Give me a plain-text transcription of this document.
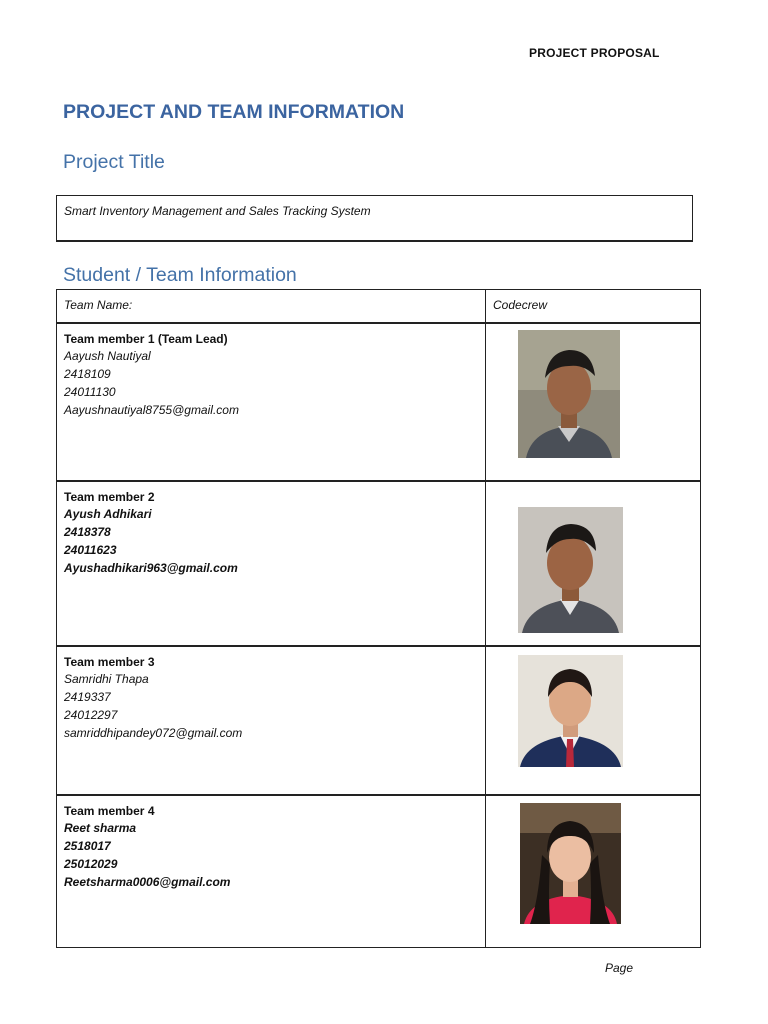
PROJECT PROPOSAL
PROJECT AND TEAM INFORMATION
Project Title
Smart Inventory Management and Sales Tracking System
Student / Team Information
Team Name:	Codecrew

Team member 1 (Team Lead)
Aayush Nautiyal
2418109
24011130
Aayushnautiyal8755@gmail.com

Team member 2
Ayush Adhikari
2418378
24011623
Ayushadhikari963@gmail.com

Team member 3
Samridhi Thapa
2419337
24012297
samriddhipandey072@gmail.com

Team member 4
Reet sharma
2518017
25012029
Reetsharma0006@gmail.com

Page
